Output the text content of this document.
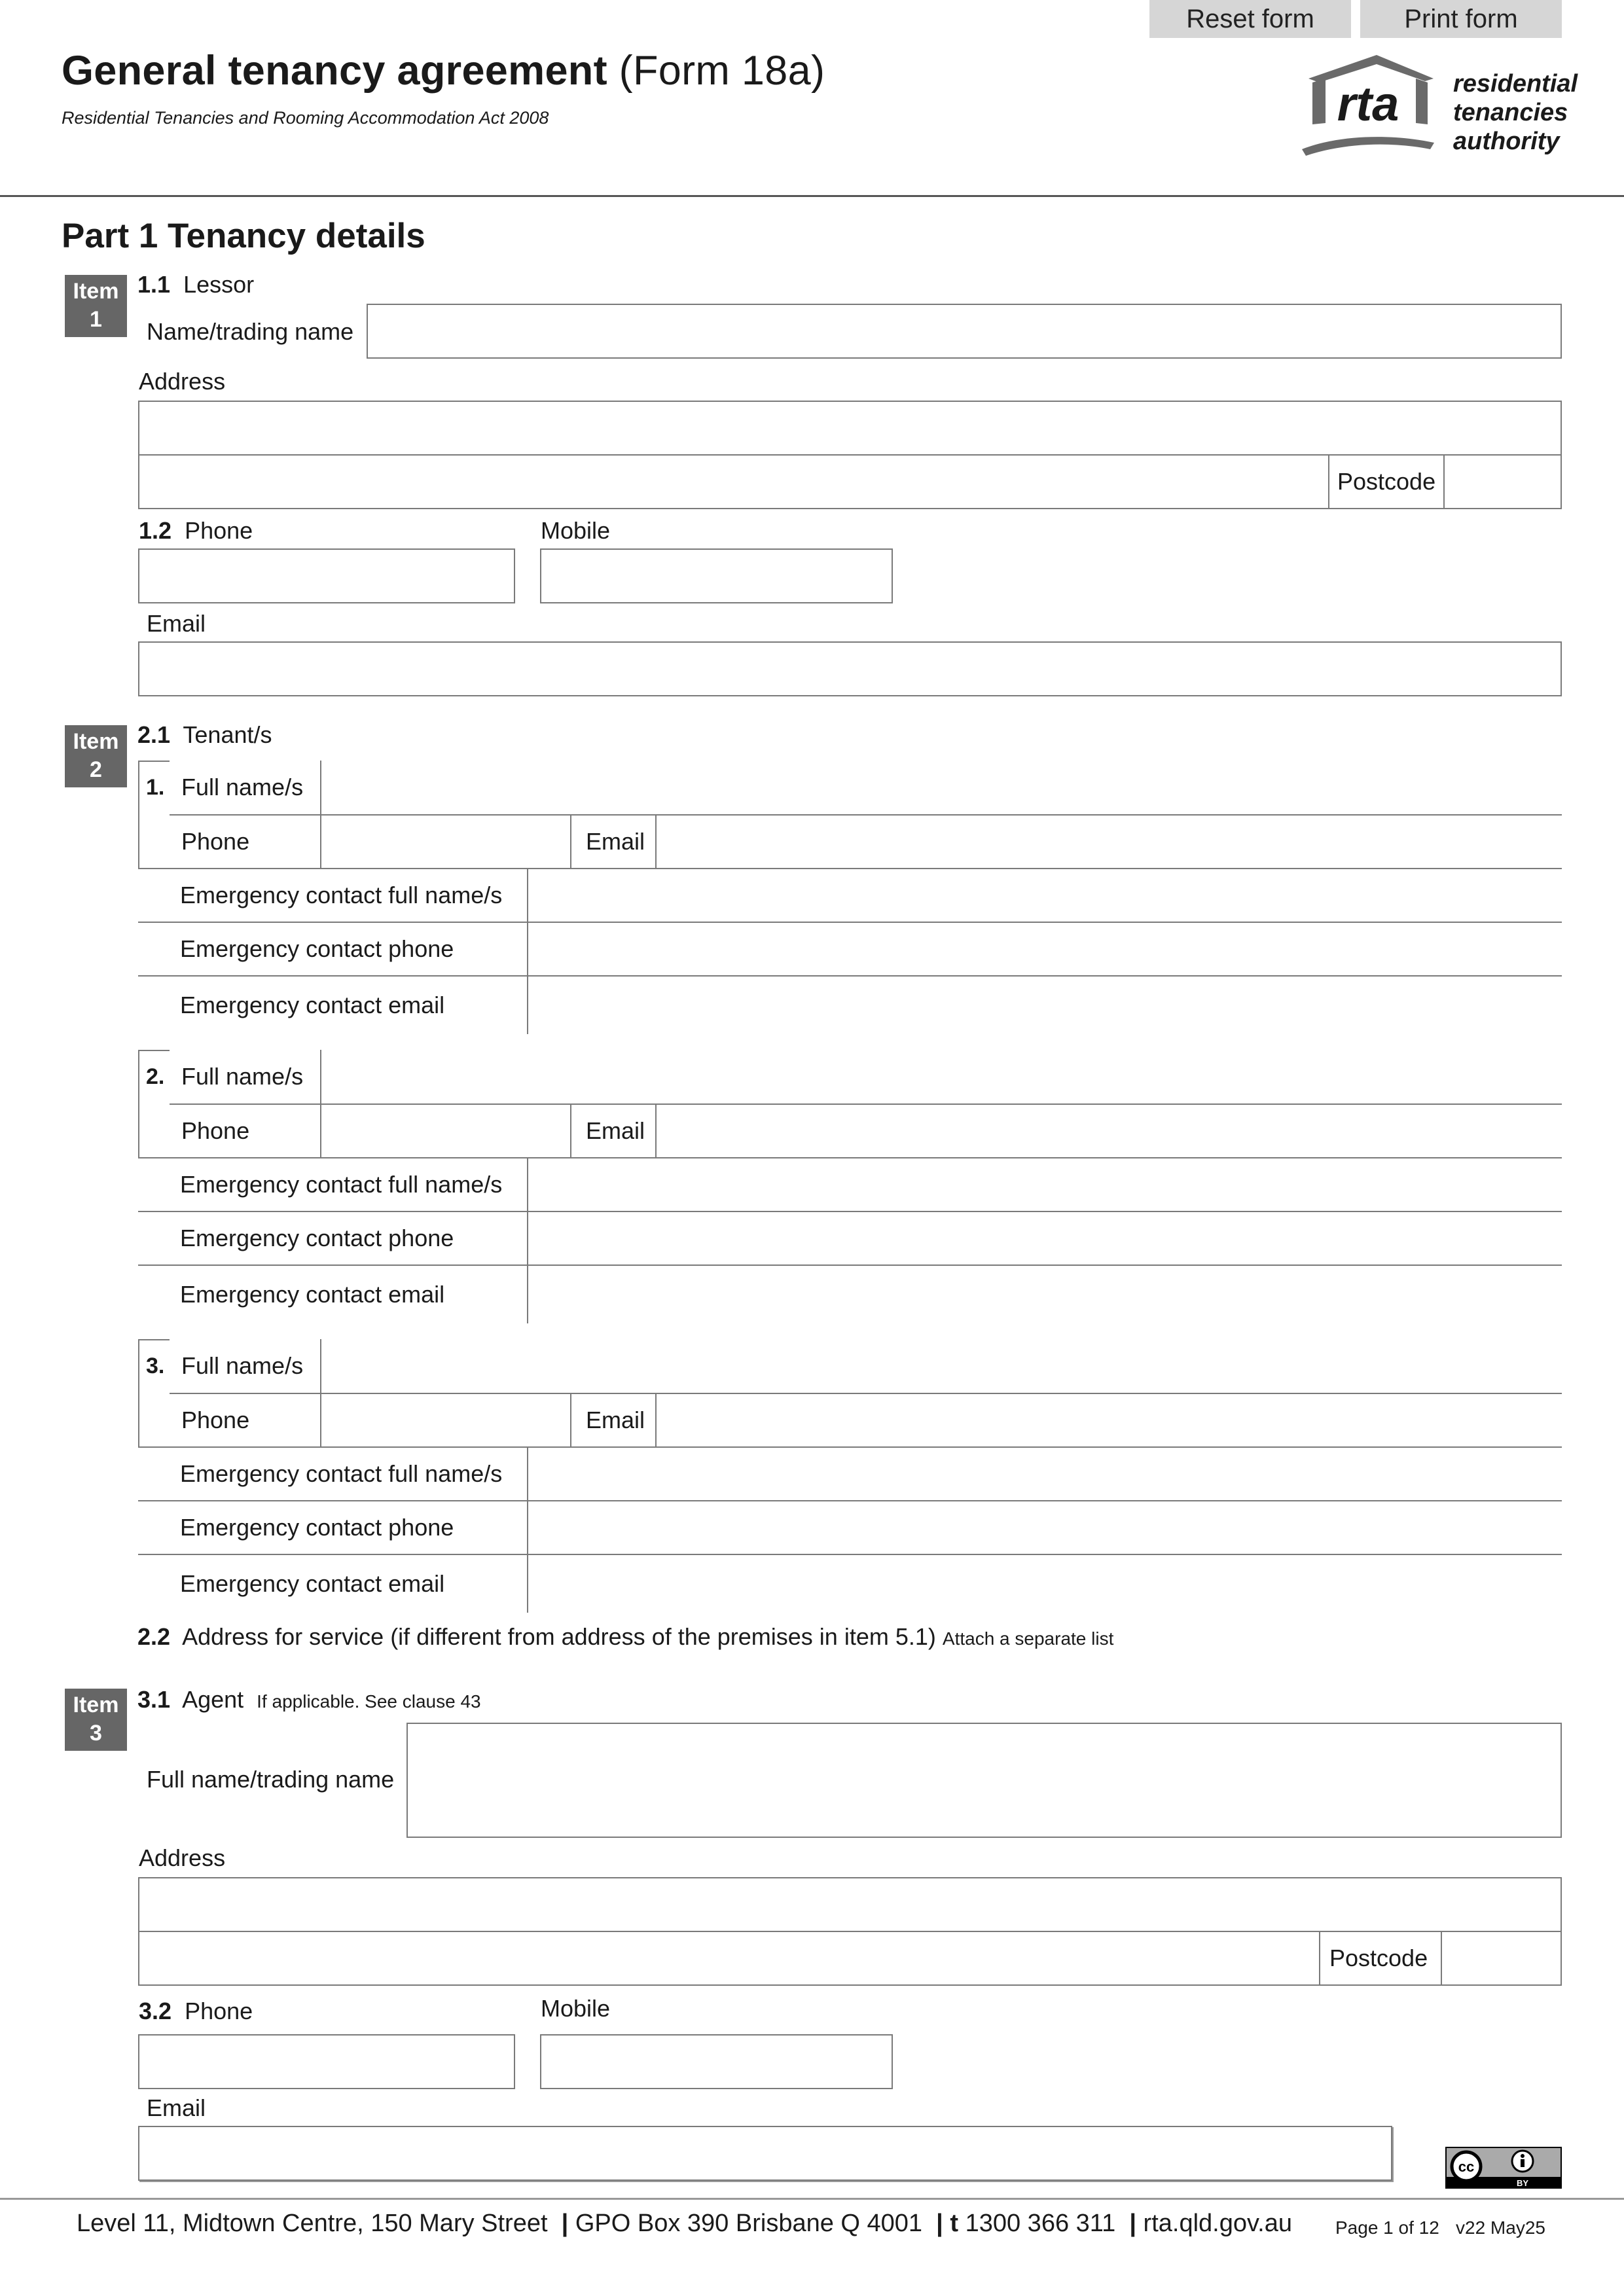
Reset form	Print form
General tenancy agreement (Form 18a)
Residential Tenancies and Rooming Accommodation Act 2008	rta residential
tenancies
authority
Part 1 Tenancy details
Item
1
1.1 Lessor
Name/trading name
Address
Postcode
1.2 Phone	Mobile
Email
Item
2
2.1 Tenant/s
1. Full name/s
Phone	Email
Emergency contact full name/s
Emergency contact phone
Emergency contact email
2. Full name/s
Phone	Email
Emergency contact full name/s
Emergency contact phone
Emergency contact email
3. Full name/s
Phone	Email
Emergency contact full name/s
Emergency contact phone
Emergency contact email
2.2 Address for service (if different from address of the premises in item 5.1) Attach a separate list
Item
3
3.1 Agent If applicable. See clause 43
Full name/trading name
Address
Postcode
3.2 Phone	Mobile
Email
cc
BY
Level 11, Midtown Centre, 150 Mary Street  | GPO Box 390 Brisbane Q 4001  | t 1300 366 311  | rta.qld.gov.au Page 1 of 12 v22 May25
